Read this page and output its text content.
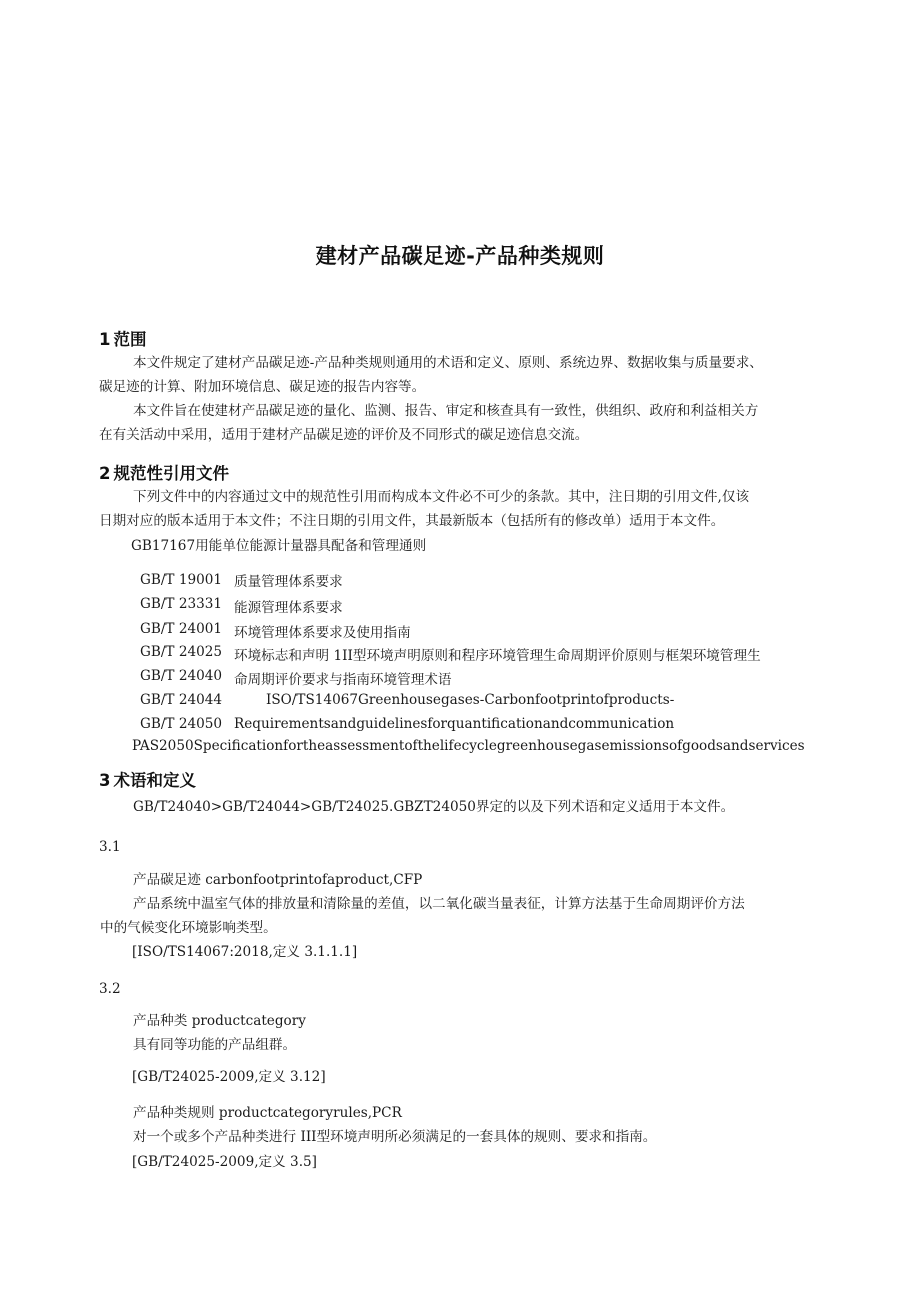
建材产品碳足迹-产品种类规则
1 范围
本文件规定了建材产品碳足迹-产品种类规则通用的术语和定义、原则、系统边界、数据收集与质量要求、
碳足迹的计算、附加环境信息、碳足迹的报告内容等。
本文件旨在使建材产品碳足迹的量化、监测、报告、审定和核查具有一致性，供组织、政府和利益相关方
在有关活动中采用，适用于建材产品碳足迹的评价及不同形式的碳足迹信息交流。
2 规范性引用文件
下列文件中的内容通过文中的规范性引用而构成本文件必不可少的条款。其中，注日期的引用文件,仅该
日期对应的版本适用于本文件；不注日期的引用文件，其最新版本（包括所有的修改单）适用于本文件。
GB17167用能单位能源计量器具配备和管理通则
GB/T 19001 质量管理体系要求
GB/T 23331 能源管理体系要求
GB/T 24001 环境管理体系要求及使用指南
GB/T 24025 环境标志和声明 1II型环境声明原则和程序环境管理生命周期评价原则与框架环境管理生
GB/T 24040 命周期评价要求与指南环境管理术语
GB/T 24044	ISO/TS14067Greenhousegases-Carbonfootprintofproducts-
GB/T 24050 Requirementsandguidelinesforquantificationandcommunication
PAS2050Specificationfortheassessmentofthelifecyclegreenhousegasemissionsofgoodsandservices
3 术语和定义
GB/T24040>GB/T24044>GB/T24025.GBZT24050界定的以及下列术语和定义适用于本文件。
3.1
产品碳足迹 carbonfootprintofaproduct,CFP
产品系统中温室气体的排放量和清除量的差值，以二氧化碳当量表征，计算方法基于生命周期评价方法
中的气候变化环境影响类型。
[ISO/TS14067:2018,定义 3.1.1.1]
3.2
产品种类 productcategory
具有同等功能的产品组群。
[GB/T24025-2009,定义 3.12]
产品种类规则 productcategoryrules,PCR
对一个或多个产品种类进行 III型环境声明所必须满足的一套具体的规则、要求和指南。
[GB/T24025-2009,定义 3.5]
